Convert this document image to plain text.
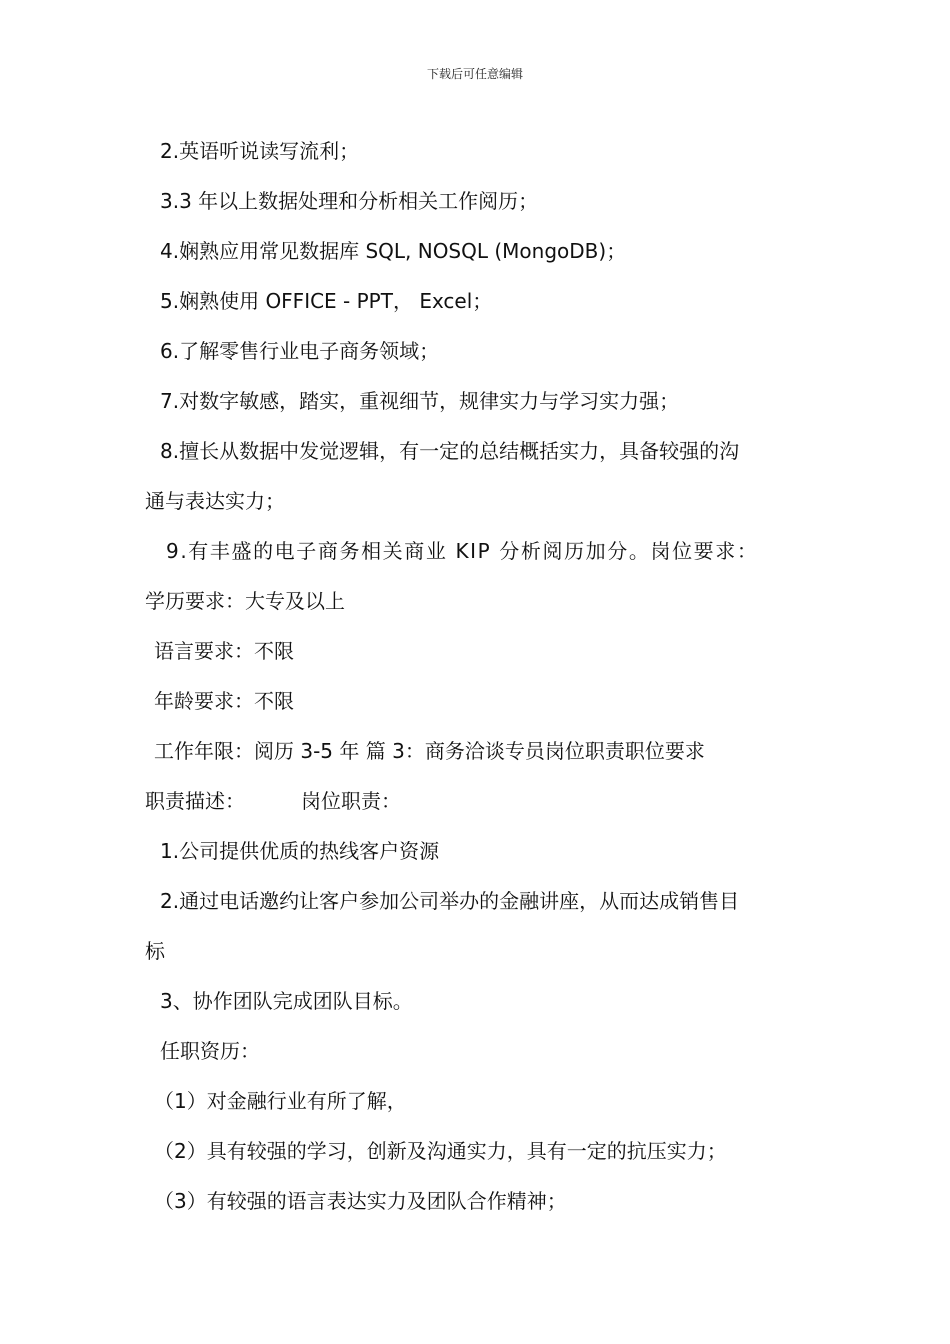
下载后可任意编辑
2.英语听说读写流利；
3.3 年以上数据处理和分析相关工作阅历；
4.娴熟应用常见数据库 SQL, NOSQL (MongoDB)；
5.娴熟使用 OFFICE - PPT， Excel；
6.了解零售行业电子商务领域；
7.对数字敏感，踏实，重视细节，规律实力与学习实力强；
8.擅长从数据中发觉逻辑，有一定的总结概括实力，具备较强的沟
通与表达实力；
9.有丰盛的电子商务相关商业 KIP 分析阅历加分。岗位要求：
学历要求：大专及以上
语言要求：不限
年龄要求：不限
工作年限：阅历 3-5 年 篇 3：商务洽谈专员岗位职责职位要求
职责描述：	岗位职责：
1.公司提供优质的热线客户资源
2.通过电话邀约让客户参加公司举办的金融讲座，从而达成销售目
标
3、协作团队完成团队目标。
任职资历：
（1）对金融行业有所了解，
（2）具有较强的学习，创新及沟通实力，具有一定的抗压实力；
（3）有较强的语言表达实力及团队合作精神；
